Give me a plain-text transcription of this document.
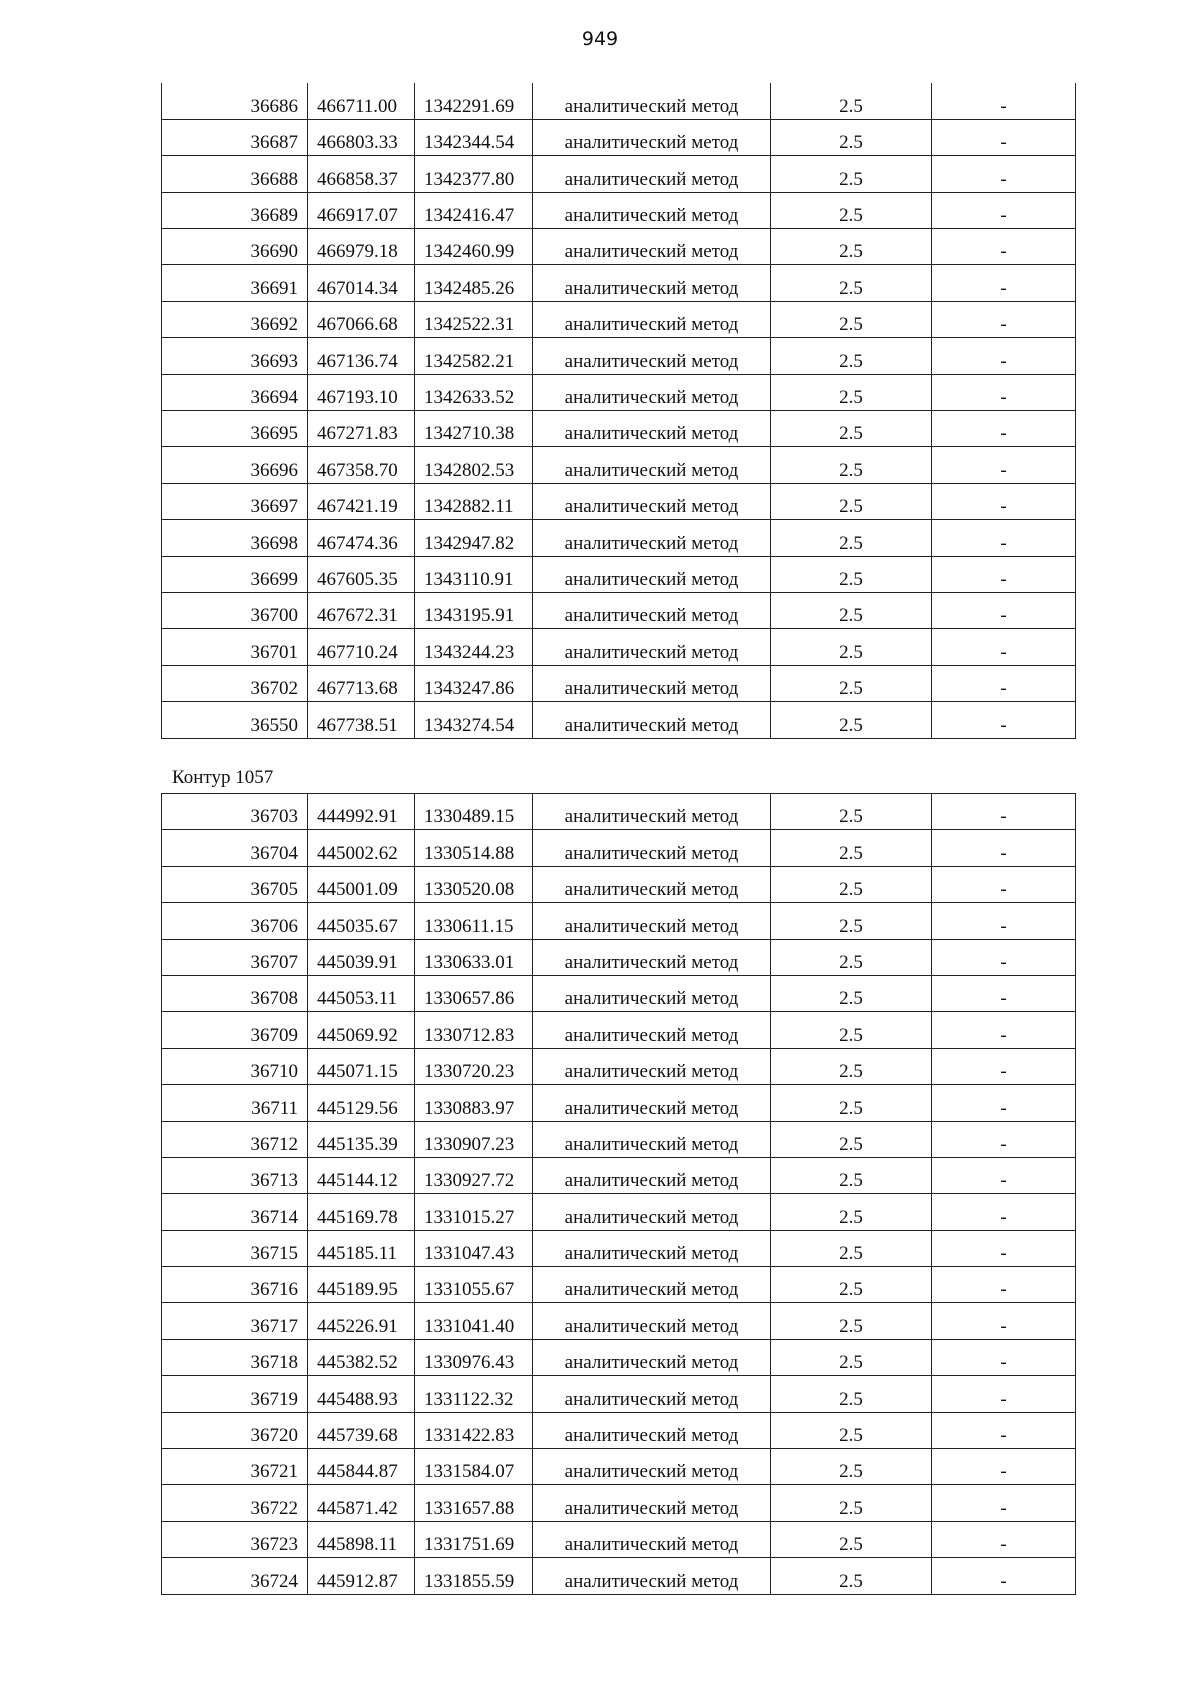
949
36686	466711.00	1342291.69	аналитический метод	2.5	-
36687	466803.33	1342344.54	аналитический метод	2.5	-
36688	466858.37	1342377.80	аналитический метод	2.5	-
36689	466917.07	1342416.47	аналитический метод	2.5	-
36690	466979.18	1342460.99	аналитический метод	2.5	-
36691	467014.34	1342485.26	аналитический метод	2.5	-
36692	467066.68	1342522.31	аналитический метод	2.5	-
36693	467136.74	1342582.21	аналитический метод	2.5	-
36694	467193.10	1342633.52	аналитический метод	2.5	-
36695	467271.83	1342710.38	аналитический метод	2.5	-
36696	467358.70	1342802.53	аналитический метод	2.5	-
36697	467421.19	1342882.11	аналитический метод	2.5	-
36698	467474.36	1342947.82	аналитический метод	2.5	-
36699	467605.35	1343110.91	аналитический метод	2.5	-
36700	467672.31	1343195.91	аналитический метод	2.5	-
36701	467710.24	1343244.23	аналитический метод	2.5	-
36702	467713.68	1343247.86	аналитический метод	2.5	-
36550	467738.51	1343274.54	аналитический метод	2.5	-
Контур 1057
36703	444992.91	1330489.15	аналитический метод	2.5	-
36704	445002.62	1330514.88	аналитический метод	2.5	-
36705	445001.09	1330520.08	аналитический метод	2.5	-
36706	445035.67	1330611.15	аналитический метод	2.5	-
36707	445039.91	1330633.01	аналитический метод	2.5	-
36708	445053.11	1330657.86	аналитический метод	2.5	-
36709	445069.92	1330712.83	аналитический метод	2.5	-
36710	445071.15	1330720.23	аналитический метод	2.5	-
36711	445129.56	1330883.97	аналитический метод	2.5	-
36712	445135.39	1330907.23	аналитический метод	2.5	-
36713	445144.12	1330927.72	аналитический метод	2.5	-
36714	445169.78	1331015.27	аналитический метод	2.5	-
36715	445185.11	1331047.43	аналитический метод	2.5	-
36716	445189.95	1331055.67	аналитический метод	2.5	-
36717	445226.91	1331041.40	аналитический метод	2.5	-
36718	445382.52	1330976.43	аналитический метод	2.5	-
36719	445488.93	1331122.32	аналитический метод	2.5	-
36720	445739.68	1331422.83	аналитический метод	2.5	-
36721	445844.87	1331584.07	аналитический метод	2.5	-
36722	445871.42	1331657.88	аналитический метод	2.5	-
36723	445898.11	1331751.69	аналитический метод	2.5	-
36724	445912.87	1331855.59	аналитический метод	2.5	-
